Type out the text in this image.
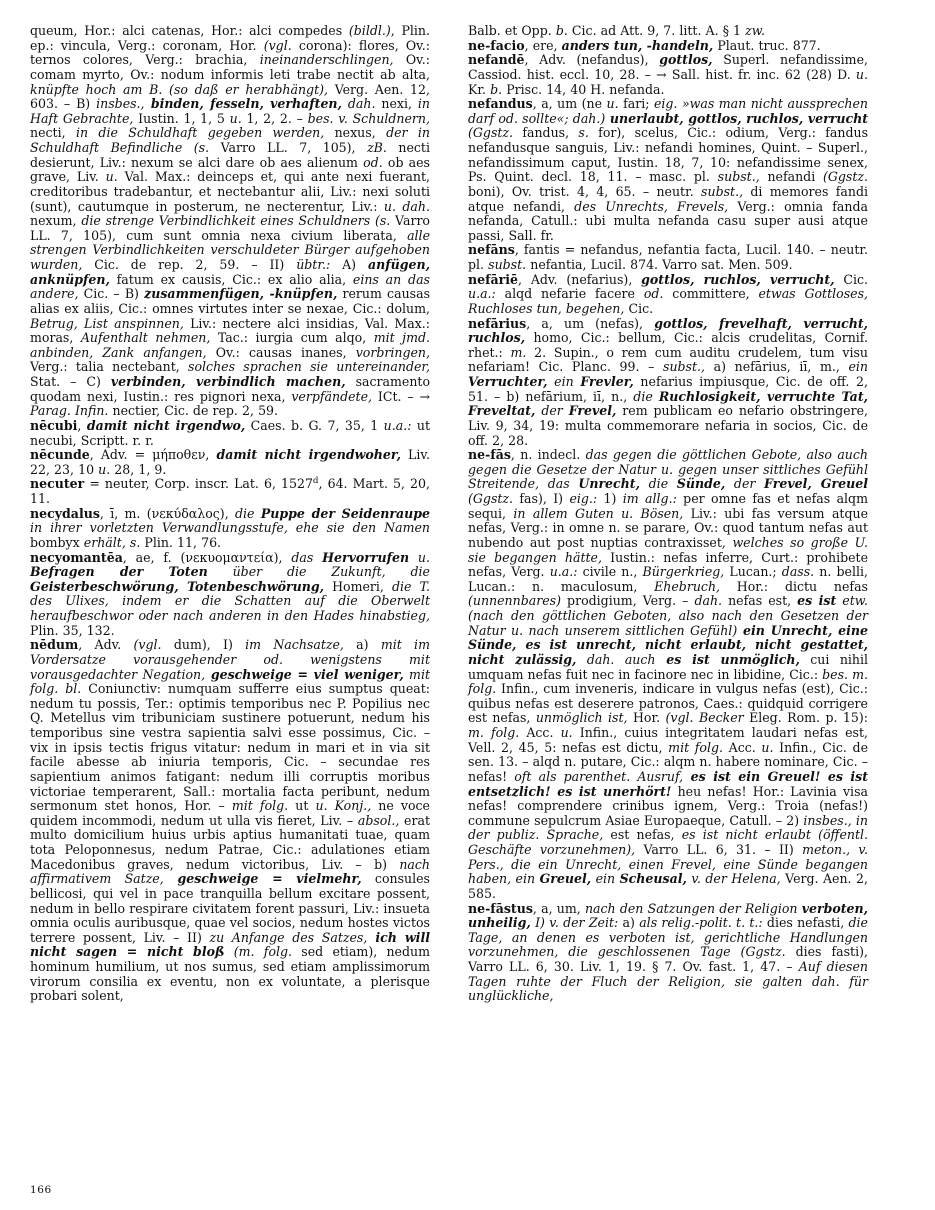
queum, Hor.: alci catenas, Hor.: alci compedes (bildl.), Plin. ep.: vincula, Verg.: coronam, Hor. (vgl. corona): flores, Ov.: ternos colores, Verg.: brachia, ineinanderschlingen, Ov.: comam myrto, Ov.: nodum informis leti trabe nectit ab alta, knüpfte hoch am B. (so daß er herabhängt), Verg. Aen. 12, 603. – B) insbes., binden, fesseln, verhaften, dah. nexi, in Haft Gebrachte, Iustin. 1, 1, 5 u. 1, 2, 2. – bes. v. Schuldnern, necti, in die Schuldhaft gegeben werden, nexus, der in Schuldhaft Befindliche (s. Varro LL. 7, 105), zB. necti desierunt, Liv.: nexum se alci dare ob aes alienum od. ob aes grave, Liv. u. Val. Max.: deinceps et, qui ante nexi fuerant, creditoribus tradebantur, et nectebantur alii, Liv.: nexi soluti (sunt), cautumque in posterum, ne necterentur, Liv.: u. dah. nexum, die strenge Verbindlichkeit eines Schuldners (s. Varro LL. 7, 105), cum sunt omnia nexa civium liberata, alle strengen Verbindlichkeiten verschuldeter Bürger aufgehoben wurden, Cic. de rep. 2, 59. – II) übtr.: A) anfügen, anknüpfen, fatum ex causis, Cic.: ex alio alia, eins an das andere, Cic. – B) zusammenfügen, -knüpfen, rerum causas alias ex aliis, Cic.: omnes virtutes inter se nexae, Cic.: dolum, Betrug, List anspinnen, Liv.: nectere alci insidias, Val. Max.: moras, Aufenthalt nehmen, Tac.: iurgia cum alqo, mit jmd. anbinden, Zank anfangen, Ov.: causas inanes, vorbringen, Verg.: talia nectebant, solches sprachen sie untereinander, Stat. – C) verbinden, verbindlich machen, sacramento quodam nexi, Iustin.: res pignori nexa, verpfändete, ICt. – → Parag. Infin. nectier, Cic. de rep. 2, 59.

nēcubi, damit nicht irgendwo, Caes. b. G. 7, 35, 1 u.a.: ut necubi, Scriptt. r. r.

nēcunde, Adv. = μήποθεν, damit nicht irgendwoher, Liv. 22, 23, 10 u. 28, 1, 9.

necuter = neuter, Corp. inscr. Lat. 6, 1527$^d$, 64. Mart. 5, 20, 11.

necydalus, ī, m. (νεκύδαλος), die Puppe der Seidenraupe in ihrer vorletzten Verwandlungsstufe, ehe sie den Namen bombyx erhält, s. Plin. 11, 76.

necyomantēa, ae, f. (νεκυομαντεία), das Hervorrufen u. Befragen der Toten über die Zukunft, die Geisterbeschwörung, Totenbeschwörung, Homeri, die T. des Ulixes, indem er die Schatten auf die Oberwelt heraufbeschwor oder nach anderen in den Hades hinabstieg, Plin. 35, 132.

nēdum, Adv. (vgl. dum), I) im Nachsatze, a) mit im Vordersatze vorausgehender od. wenigstens mit vorausgedachter Negation, geschweige = viel weniger, mit folg. bl. Coniunctiv: numquam sufferre eius sumptus queat: nedum tu possis, Ter.: optimis temporibus nec P. Popilius nec Q. Metellus vim tribuniciam sustinere potuerunt, nedum his temporibus sine vestra sapientia salvi esse possimus, Cic. – vix in ipsis tectis frigus vitatur: nedum in mari et in via sit facile abesse ab iniuria temporis, Cic. – secundae res sapientium animos fatigant: nedum illi corruptis moribus victoriae temperarent, Sall.: mortalia facta peribunt, nedum sermonum stet honos, Hor. – mit folg. ut u. Konj., ne voce quidem incommodi, nedum ut ulla vis fieret, Liv. – absol., erat multo domicilium huius urbis aptius humanitati tuae, quam tota Peloponnesus, nedum Patrae, Cic.: adulationes etiam Macedonibus graves, nedum victoribus, Liv. – b) nach affirmativem Satze, geschweige = vielmehr, consules bellicosi, qui vel in pace tranquilla bellum excitare possent, nedum in bello respirare civitatem forent passuri, Liv.: insueta omnia oculis auribusque, quae vel socios, nedum hostes victos terrere possent, Liv. – II) zu Anfange des Satzes, ich will nicht sagen = nicht bloß (m. folg. sed etiam), nedum hominum humilium, ut nos sumus, sed etiam amplissimorum virorum consilia ex eventu, non ex voluntate, a plerisque probari solent,

Balb. et Opp. b. Cic. ad Att. 9, 7. litt. A. § 1 zw.

ne-facio, ere, anders tun, -handeln, Plaut. truc. 877.

nefandē, Adv. (nefandus), gottlos, Superl. nefandissime, Cassiod. hist. eccl. 10, 28. – → Sall. hist. fr. inc. 62 (28) D. u. Kr. b. Prisc. 14, 40 H. nefanda.

nefandus, a, um (ne u. fari; eig. »was man nicht aussprechen darf od. sollte«; dah.) unerlaubt, gottlos, ruchlos, verrucht (Ggstz. fandus, s. for), scelus, Cic.: odium, Verg.: fandus nefandusque sanguis, Liv.: nefandi homines, Quint. – Superl., nefandissimum caput, Iustin. 18, 7, 10: nefandissime senex, Ps. Quint. decl. 18, 11. – masc. pl. subst., nefandi (Ggstz. boni), Ov. trist. 4, 4, 65. – neutr. subst., di memores fandi atque nefandi, des Unrechts, Frevels, Verg.: omnia fanda nefanda, Catull.: ubi multa nefanda casu super ausi atque passi, Sall. fr.

nefāns, fantis = nefandus, nefantia facta, Lucil. 140. – neutr. pl. subst. nefantia, Lucil. 874. Varro sat. Men. 509.

nefāriē, Adv. (nefarius), gottlos, ruchlos, verrucht, Cic. u.a.: alqd nefarie facere od. committere, etwas Gottloses, Ruchloses tun, begehen, Cic.

nefārius, a, um (nefas), gottlos, frevelhaft, verrucht, ruchlos, homo, Cic.: bellum, Cic.: alcis crudelitas, Cornif. rhet.: m. 2. Supin., o rem cum auditu crudelem, tum visu nefariam! Cic. Planc. 99. – subst., a) nefārius, iī, m., ein Verruchter, ein Frevler, nefarius impiusque, Cic. de off. 2, 51. – b) nefārium, iī, n., die Ruchlosigkeit, verruchte Tat, Freveltat, der Frevel, rem publicam eo nefario obstringere, Liv. 9, 34, 19: multa commemorare nefaria in socios, Cic. de off. 2, 28.

ne-fās, n. indecl. das gegen die göttlichen Gebote, also auch gegen die Gesetze der Natur u. gegen unser sittliches Gefühl Streitende, das Unrecht, die Sünde, der Frevel, Greuel (Ggstz. fas), I) eig.: 1) im allg.: per omne fas et nefas alqm sequi, in allem Guten u. Bösen, Liv.: ubi fas versum atque nefas, Verg.: in omne n. se parare, Ov.: quod tantum nefas aut nubendo aut post nuptias contraxisset, welches so große U. sie begangen hätte, Iustin.: nefas inferre, Curt.: prohibete nefas, Verg. u.a.: civile n., Bürgerkrieg, Lucan.; dass. n. belli, Lucan.: n. maculosum, Ehebruch, Hor.: dictu nefas (unnennbares) prodigium, Verg. – dah. nefas est, es ist etw. (nach den göttlichen Geboten, also nach den Gesetzen der Natur u. nach unserem sittlichen Gefühl) ein Unrecht, eine Sünde, es ist unrecht, nicht erlaubt, nicht gestattet, nicht zulässig, dah. auch es ist unmöglich, cui nihil umquam nefas fuit nec in facinore nec in libidine, Cic.: bes. m. folg. Infin., cum inveneris, indicare in vulgus nefas (est), Cic.: quibus nefas est deserere patronos, Caes.: quidquid corrigere est nefas, unmöglich ist, Hor. (vgl. Becker Eleg. Rom. p. 15): m. folg. Acc. u. Infin., cuius integritatem laudari nefas est, Vell. 2, 45, 5: nefas est dictu, mit folg. Acc. u. Infin., Cic. de sen. 13. – alqd n. putare, Cic.: alqm n. habere nominare, Cic. – nefas! oft als parenthet. Ausruf, es ist ein Greuel! es ist entsetzlich! es ist unerhört! heu nefas! Hor.: Lavinia visa nefas! comprendere crinibus ignem, Verg.: Troia (nefas!) commune sepulcrum Asiae Europaeque, Catull. – 2) insbes., in der publiz. Sprache, est nefas, es ist nicht erlaubt (öffentl. Geschäfte vorzunehmen), Varro LL. 6, 31. – II) meton., v. Pers., die ein Unrecht, einen Frevel, eine Sünde begangen haben, ein Greuel, ein Scheusal, v. der Helena, Verg. Aen. 2, 585.

ne-fāstus, a, um, nach den Satzungen der Religion verboten, unheilig, I) v. der Zeit: a) als relig.-polit. t. t.: dies nefasti, die Tage, an denen es verboten ist, gerichtliche Handlungen vorzunehmen, die geschlossenen Tage (Ggstz. dies fasti), Varro LL. 6, 30. Liv. 1, 19. § 7. Ov. fast. 1, 47. – Auf diesen Tagen ruhte der Fluch der Religion, sie galten dah. für unglückliche,

166
